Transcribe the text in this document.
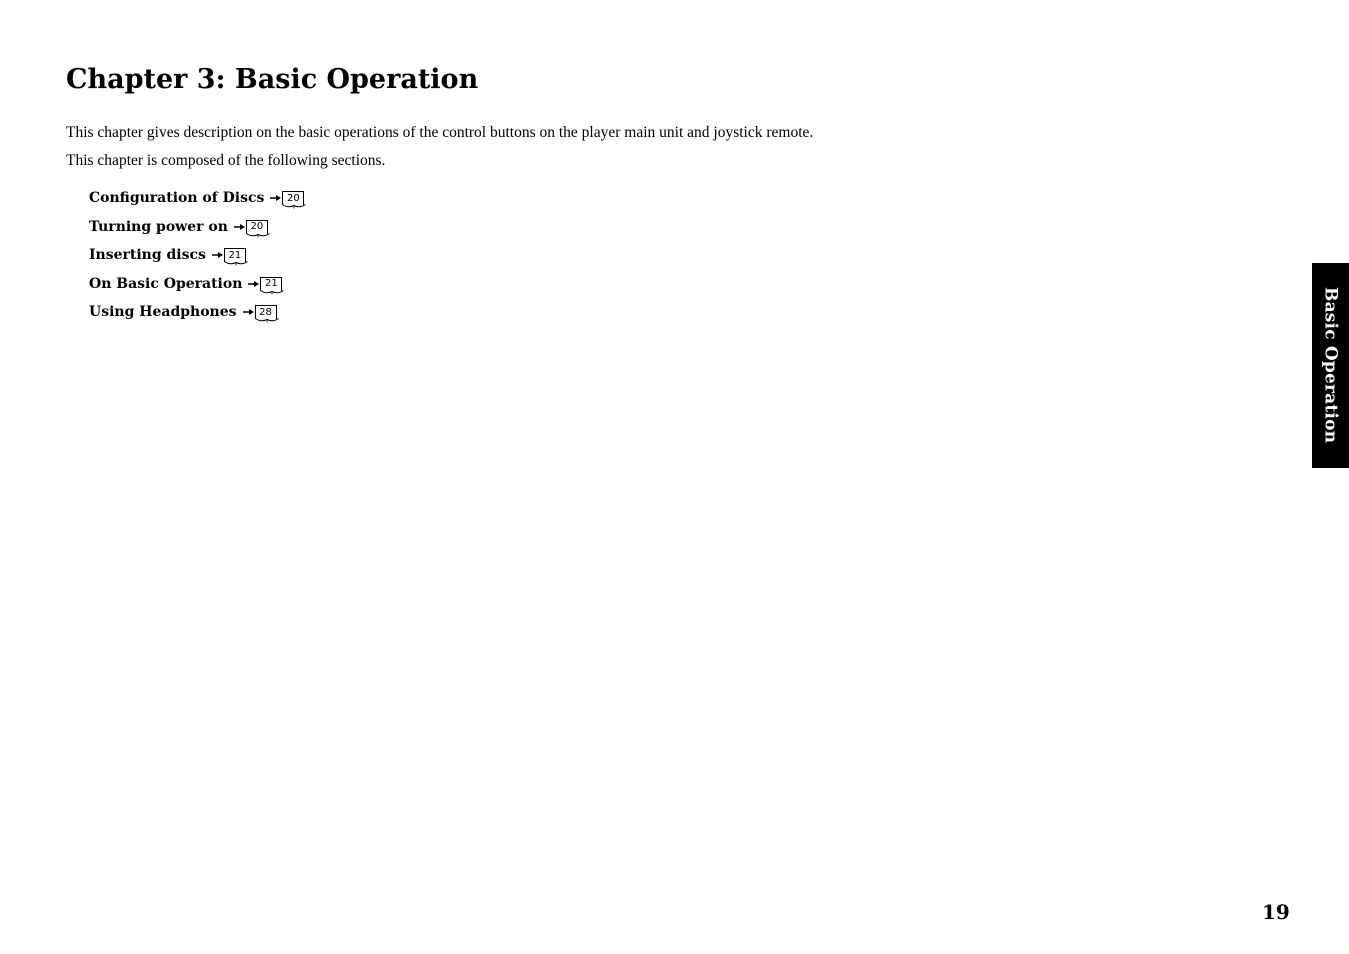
Chapter 3: Basic Operation

This chapter gives description on the basic operations of the control buttons on the player main unit and joystick remote.

This chapter is composed of the following sections.

Configuration of Discs 20
Turning power on 20
Inserting discs 21
On Basic Operation 21
Using Headphones 28	Basic Operation
19
